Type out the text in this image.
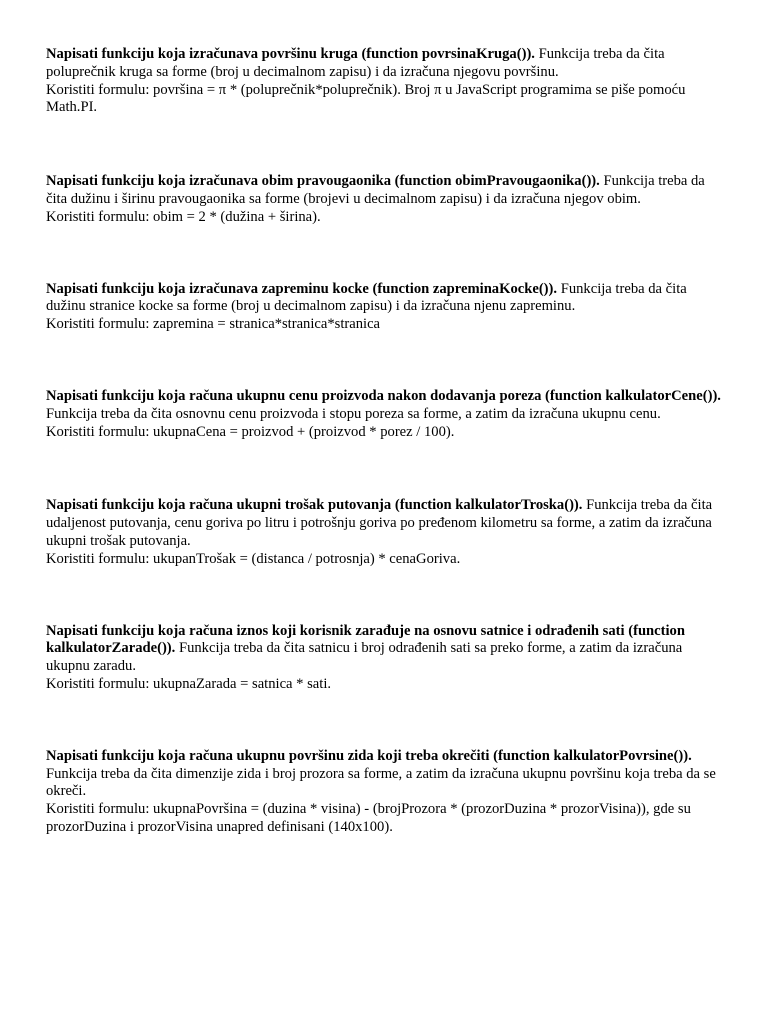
Napisati funkciju koja izračunava površinu kruga (function povrsinaKruga()). Funkcija treba da čita poluprečnik kruga sa forme (broj u decimalnom zapisu) i da izračuna njegovu površinu.

Koristiti formulu: površina = π * (poluprečnik*poluprečnik). Broj π u JavaScript programima se piše pomoću Math.PI.

Napisati funkciju koja izračunava obim pravougaonika (function obimPravougaonika()). Funkcija treba da čita dužinu i širinu pravougaonika sa forme (brojevi u decimalnom zapisu) i da izračuna njegov obim.

Koristiti formulu: obim = 2 * (dužina + širina).

Napisati funkciju koja izračunava zapreminu kocke (function zapreminaKocke()). Funkcija treba da čita dužinu stranice kocke sa forme (broj u decimalnom zapisu) i da izračuna njenu zapreminu.

Koristiti formulu: zapremina = stranica*stranica*stranica

Napisati funkciju koja računa ukupnu cenu proizvoda nakon dodavanja poreza (function kalkulatorCene()). Funkcija treba da čita osnovnu cenu proizvoda i stopu poreza sa forme, a zatim da izračuna ukupnu cenu.

Koristiti formulu: ukupnaCena = proizvod + (proizvod * porez / 100).

Napisati funkciju koja računa ukupni trošak putovanja (function kalkulatorTroska()). Funkcija treba da čita udaljenost putovanja, cenu goriva po litru i potrošnju goriva po pređenom kilometru sa forme, a zatim da izračuna ukupni trošak putovanja.

Koristiti formulu: ukupanTrošak = (distanca / potrosnja) * cenaGoriva.

Napisati funkciju koja računa iznos koji korisnik zarađuje na osnovu satnice i odrađenih sati (function kalkulatorZarade()). Funkcija treba da čita satnicu i broj odrađenih sati sa preko forme, a zatim da izračuna ukupnu zaradu.

Koristiti formulu: ukupnaZarada = satnica * sati.

Napisati funkciju koja računa ukupnu površinu zida koji treba okrečiti (function kalkulatorPovrsine()). Funkcija treba da čita dimenzije zida i broj prozora sa forme, a zatim da izračuna ukupnu površinu koja treba da se okreči.

Koristiti formulu: ukupnaPovršina = (duzina * visina) - (brojProzora * (prozorDuzina * prozorVisina)), gde su prozorDuzina i prozorVisina unapred definisani (140x100).
